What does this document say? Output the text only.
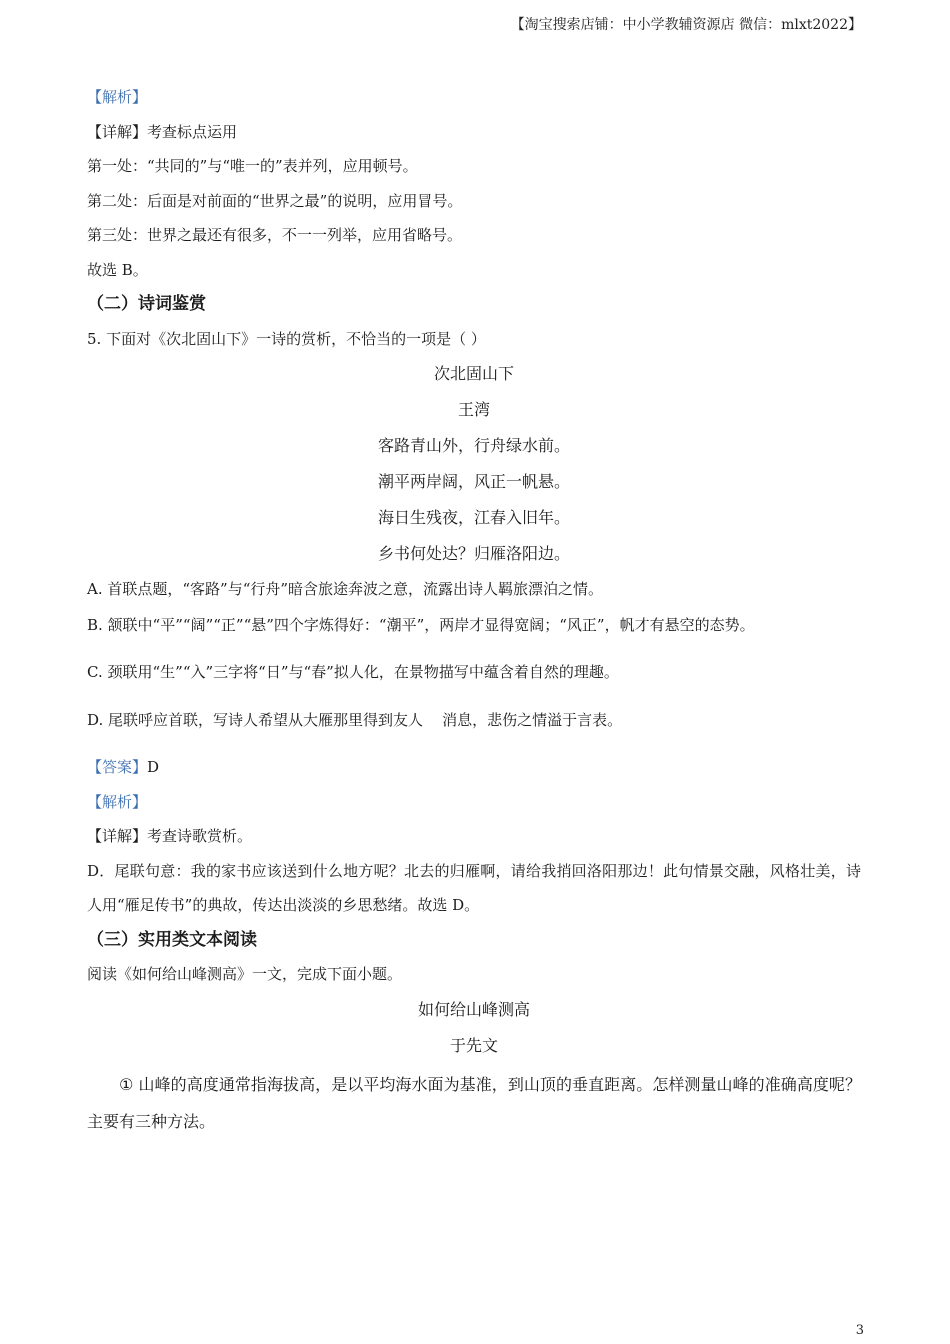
【淘宝搜索店铺：中小学教辅资源店 微信：mlxt2022】
【解析】
【详解】考查标点运用
第一处：“共同的”与“唯一的”表并列，应用顿号。
第二处：后面是对前面的“世界之最”的说明，应用冒号。
第三处：世界之最还有很多，不一一列举，应用省略号。
故选 B。
（二）诗词鉴赏
5. 下面对《次北固山下》一诗的赏析，不恰当的一项是（ ）
次北固山下
王湾
客路青山外，行舟绿水前。
潮平两岸阔，风正一帆悬。
海日生残夜，江春入旧年。
乡书何处达？归雁洛阳边。
A. 首联点题，“客路”与“行舟”暗含旅途奔波之意，流露出诗人羁旅漂泊之情。
B. 颔联中“平”“阔”“正”“悬”四个字炼得好：“潮平”，两岸才显得宽阔；“风正”，帆才有悬空的态势。
C. 颈联用“生”“入”三字将“日”与“春”拟人化，在景物描写中蕴含着自然的理趣。
D. 尾联呼应首联，写诗人希望从大雁那里得到友人    消息，悲伤之情溢于言表。
【答案】D
【解析】
【详解】考查诗歌赏析。
D．尾联句意：我的家书应该送到什么地方呢？北去的归雁啊，请给我捎回洛阳那边！此句情景交融，风格壮美，诗人用“雁足传书”的典故，传达出淡淡的乡思愁绪。故选 D。
（三）实用类文本阅读
阅读《如何给山峰测高》一文，完成下面小题。
如何给山峰测高
于先文
① 山峰的高度通常指海拔高，是以平均海水面为基准，到山顶的垂直距离。怎样测量山峰的准确高度呢？主要有三种方法。
3
